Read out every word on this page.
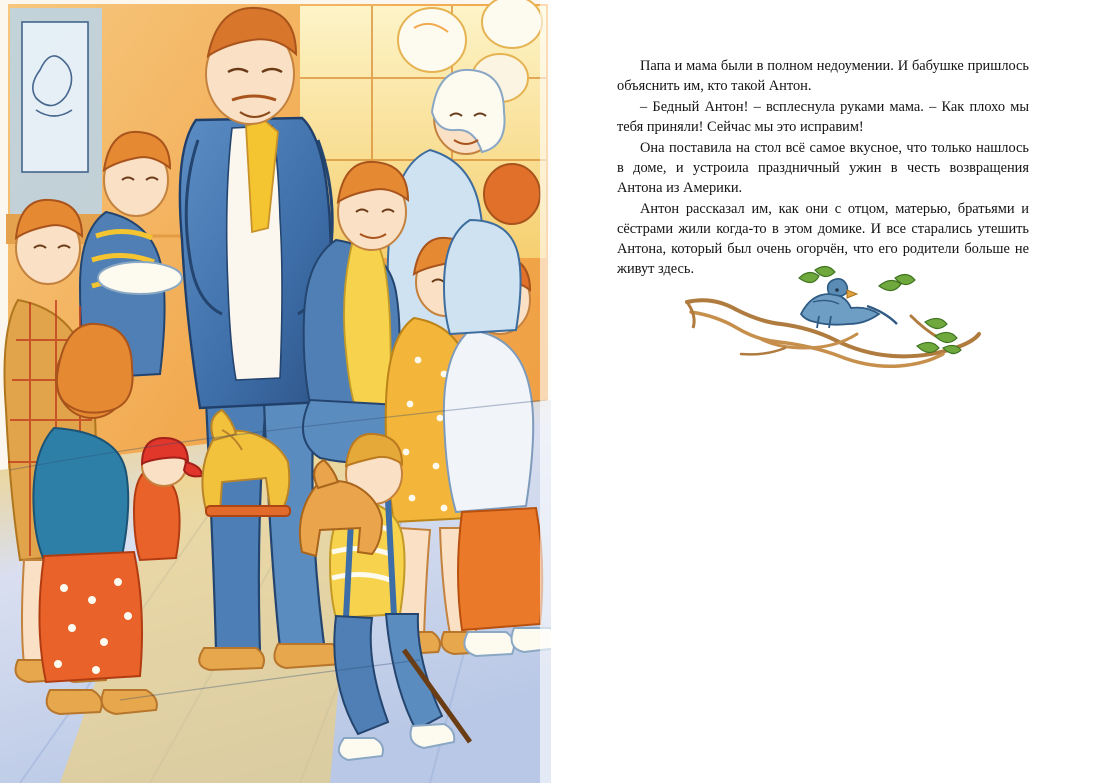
Папа и мама были в полном недоумении. И бабушке пришлось объяснить им, кто такой Антон.

– Бедный Антон! – всплеснула руками мама. – Как плохо мы тебя приняли! Сейчас мы это исправим!

Она поставила на стол всё самое вкусное, что только нашлось в доме, и устроила праздничный ужин в честь возвращения Антона из Америки.

Антон рассказал им, как они с отцом, матерью, братьями и сёстрами жили когда-то в этом домике. И все старались утешить Антона, который был очень огорчён, что его родители больше не живут здесь.
